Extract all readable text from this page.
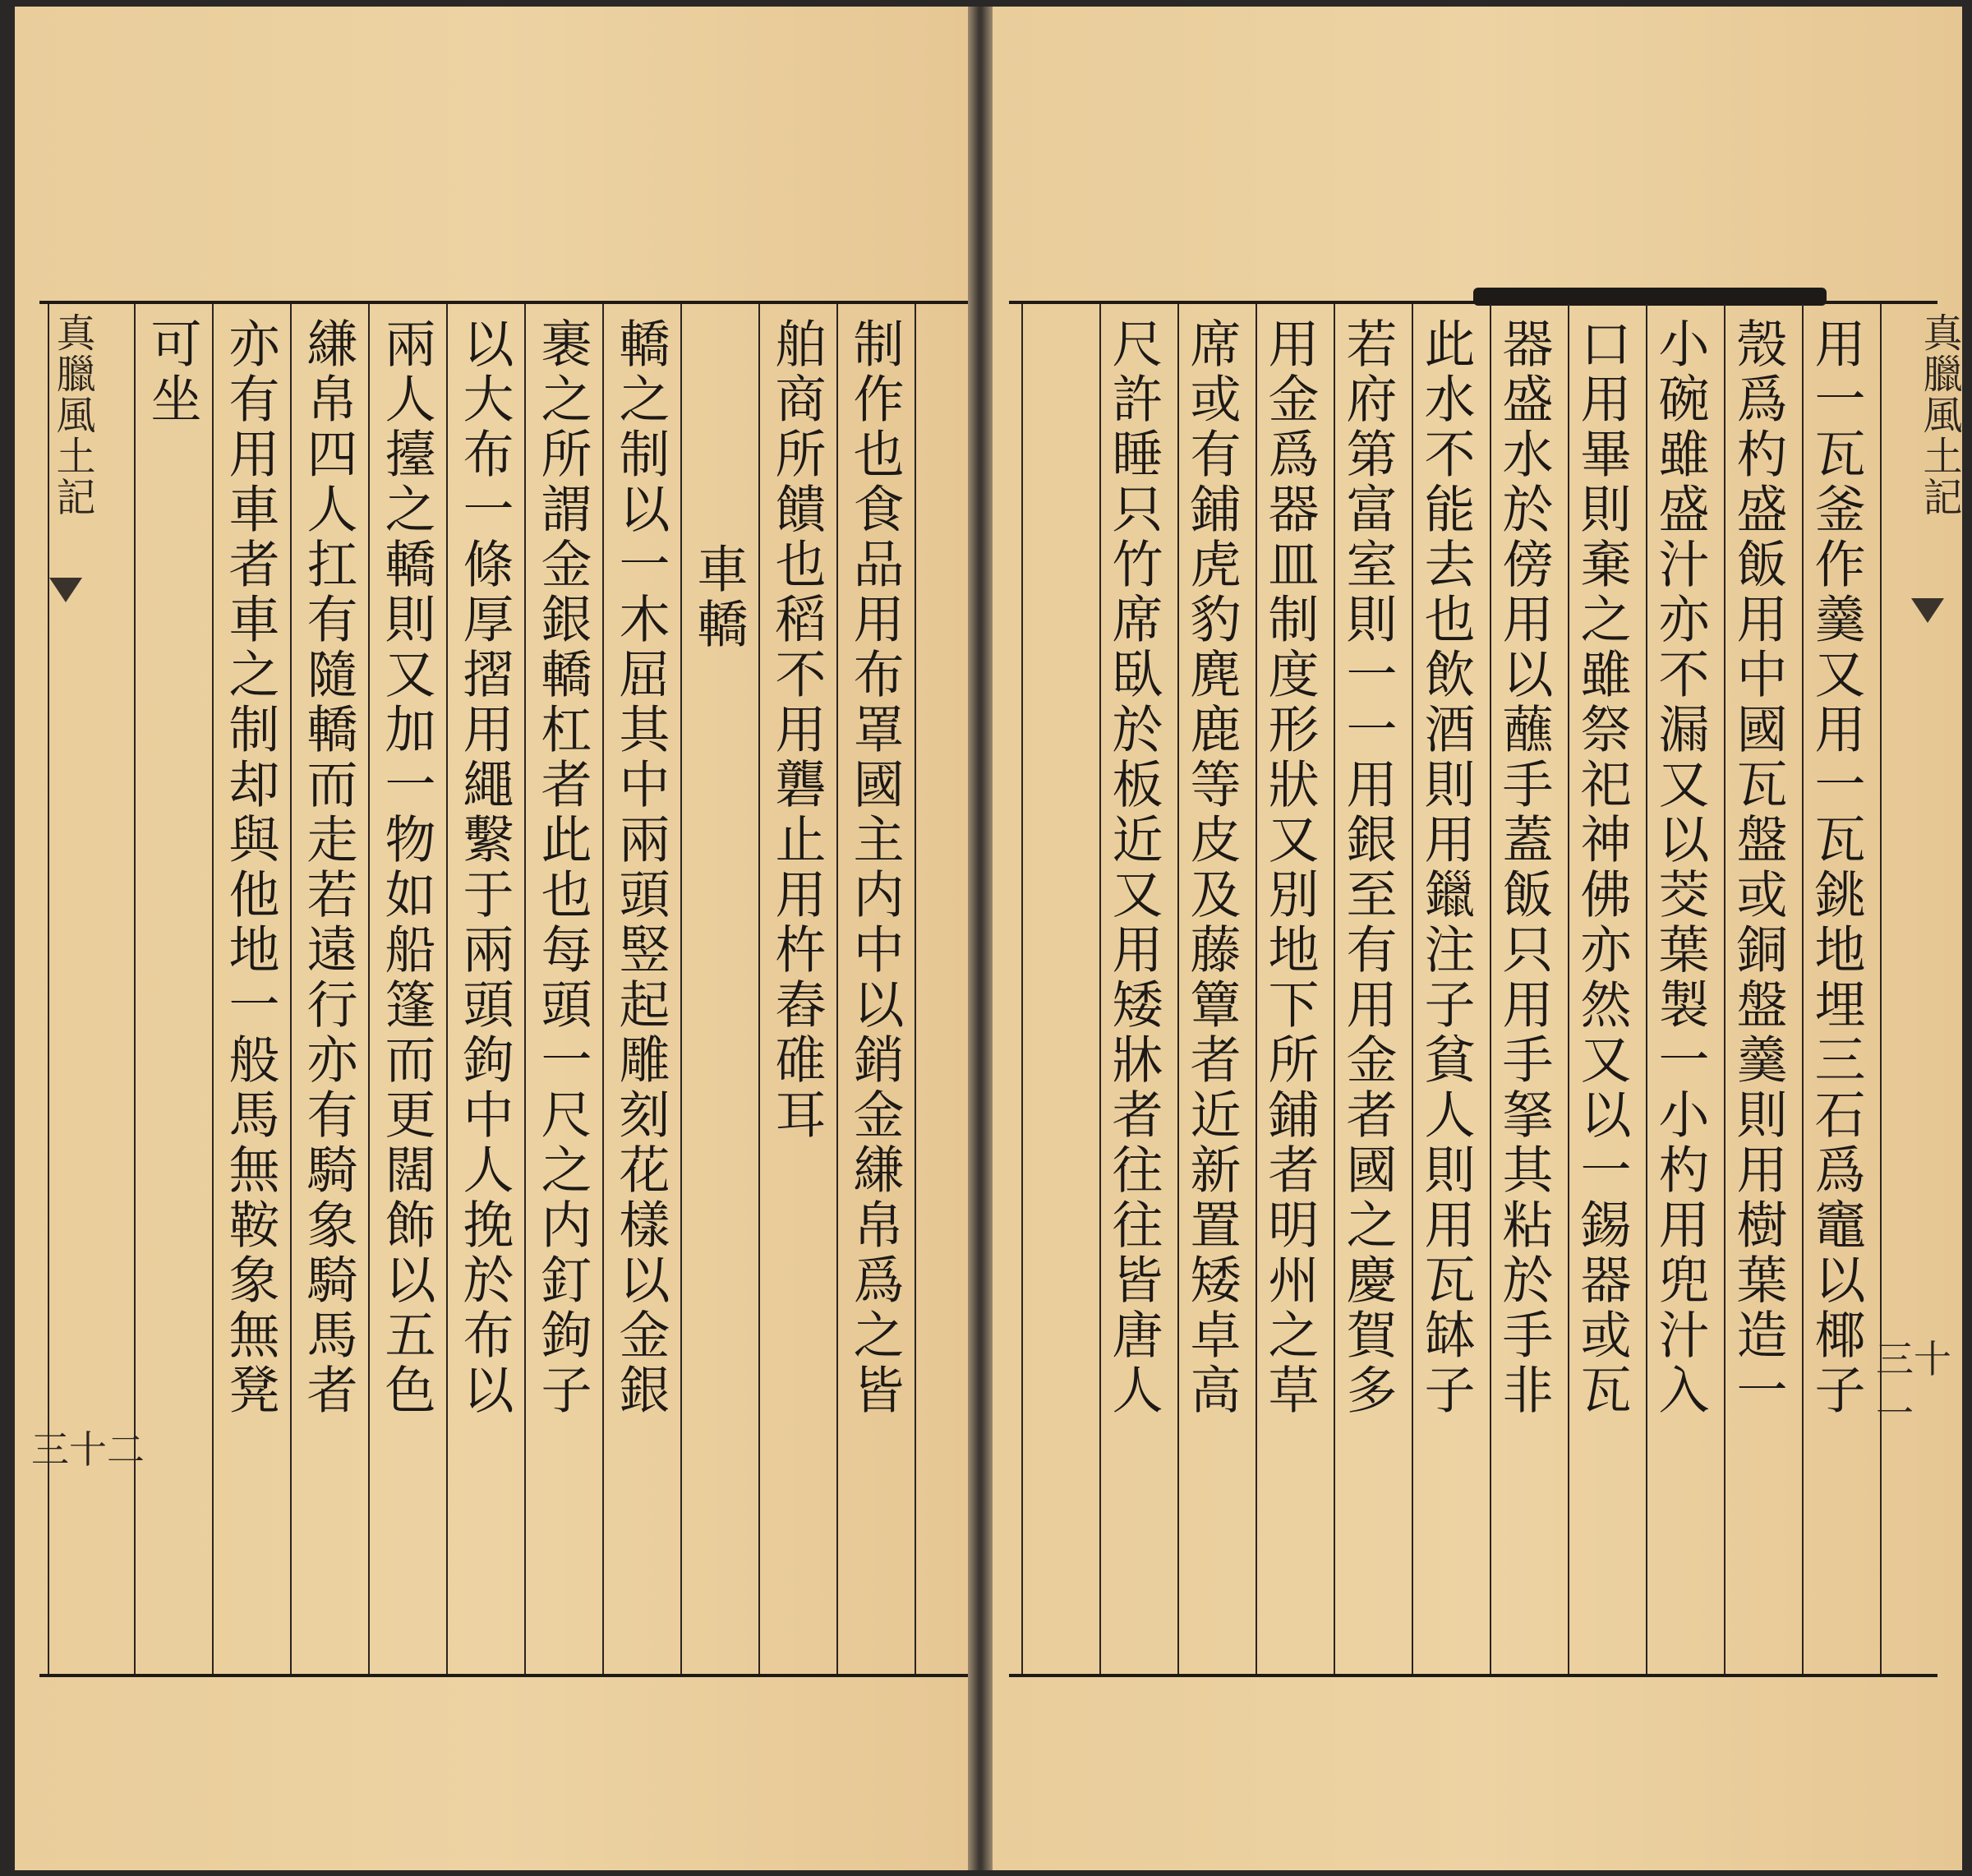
制作也食品用布罩國主内中以銷金縑帛爲之皆
舶商所饋也稻不用礱止用杵舂碓耳
車轎
轎之制以一木屈其中兩頭竪起雕刻花樣以金銀
裹之所謂金銀轎杠者此也每頭一尺之内釘鉤子
以大布一條厚摺用繩繫于兩頭鉤中人挽於布以
兩人擡之轎則又加一物如船篷而更闊飾以五色
縑帛四人扛有隨轎而走若遠行亦有騎象騎馬者
亦有用車者車之制却與他地一般馬無鞍象無凳
可坐
真臘風土記
三十二
用一瓦釜作羹又用一瓦銚地埋三石爲竈以椰子
殼爲杓盛飯用中國瓦盤或銅盤羹則用樹葉造一
小碗雖盛汁亦不漏又以茭葉製一小杓用兜汁入
口用畢則棄之雖祭祀神佛亦然又以一錫器或瓦
器盛水於傍用以蘸手蓋飯只用手拏其粘於手非
此水不能去也飲酒則用鑞注子貧人則用瓦缽子
若府第富室則一一用銀至有用金者國之慶賀多
用金爲器皿制度形狀又別地下所鋪者明州之草
席或有鋪虎豹麂鹿等皮及藤簟者近新置矮卓高
尺許睡只竹席臥於板近又用矮牀者往往皆唐人	真臘風土記
三十一
